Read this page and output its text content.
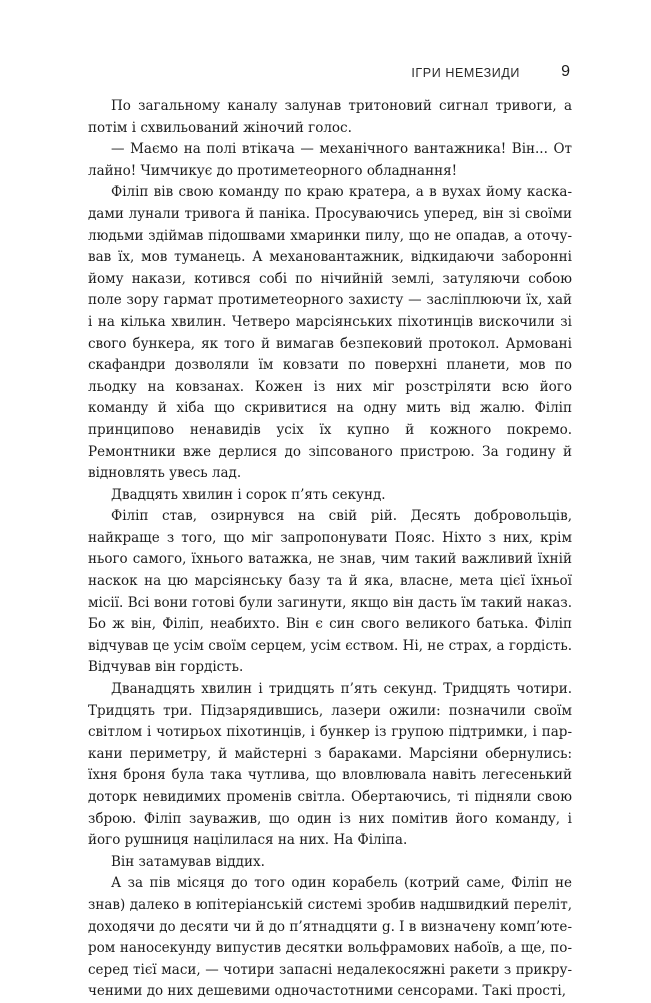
ІГРИ НЕМЕЗИДИ	9

По загальному каналу залунав тритоновий сигнал тривоги, а потім і схвильований жіночий голос.

— Маємо на полі втікача — механічного вантажника! Він... От лайно! Чимчикує до протиметеорного обладнання!

Філіп вів свою команду по краю кратера, а в вухах йому каскадами лунали тривога й паніка. Просуваючись уперед, він зі своїми людьми здіймав підошвами хмаринки пилу, що не опадав, а оточував їх, мов туманець. А механовантажник, відкидаючи заборонні йому накази, котився собі по нічийній землі, затуляючи собою поле зору гармат протиметеорного захисту — засліплюючи їх, хай і на кілька хвилин. Четверо марсіянських піхотинців вискочили зі свого бункера, як того й вимагав безпековий протокол. Армовані скафандри дозволяли їм ковзати по поверхні планети, мов по льодку на ковзанах. Кожен із них міг розстріляти всю його команду й хіба що скривитися на одну мить від жалю. Філіп принципово ненавидів усіх їх купно й кожного покремо. Ремонтники вже дерлися до зіпсованого пристрою. За годину й відновлять увесь лад.

Двадцять хвилин і сорок п’ять секунд.

Філіп став, озирнувся на свій рій. Десять добровольців, найкраще з того, що міг запропонувати Пояс. Ніхто з них, крім нього самого, їхнього ватажка, не знав, чим такий важливий їхній наскок на цю марсіянську базу та й яка, власне, мета цієї їхньої місії. Всі вони готові були загинути, якщо він дасть їм такий наказ. Бо ж він, Філіп, неабихто. Він є син свого великого батька. Філіп відчував це усім своїм серцем, усім єством. Ні, не страх, а гордість. Відчував він гордість.

Дванадцять хвилин і тридцять п’ять секунд. Тридцять чотири. Тридцять три. Підзарядившись, лазери ожили: позначили своїм світлом і чотирьох піхотинців, і бункер із групою підтримки, і паркани периметру, й майстерні з бараками. Марсіяни обернулись: їхня броня була така чутлива, що вловлювала навіть легесенький доторк невидимих променів світла. Обертаючись, ті підняли свою зброю. Філіп зауважив, що один із них помітив його команду, і його рушниця націлилася на них. На Філіпа.

Він затамував віддих.

А за пів місяця до того один корабель (котрий саме, Філіп не знав) далеко в юпітеріанській системі зробив надшвидкий переліт, доходячи до десяти чи й до п’ятнадцяти g. І в визначену комп’ютером наносекунду випустив десятки вольфрамових набоїв, а ще, посеред тієї маси, — чотири запасні недалекосяжні ракети з прикрученими до них дешевими одночастотними сенсорами. Такі прості,
